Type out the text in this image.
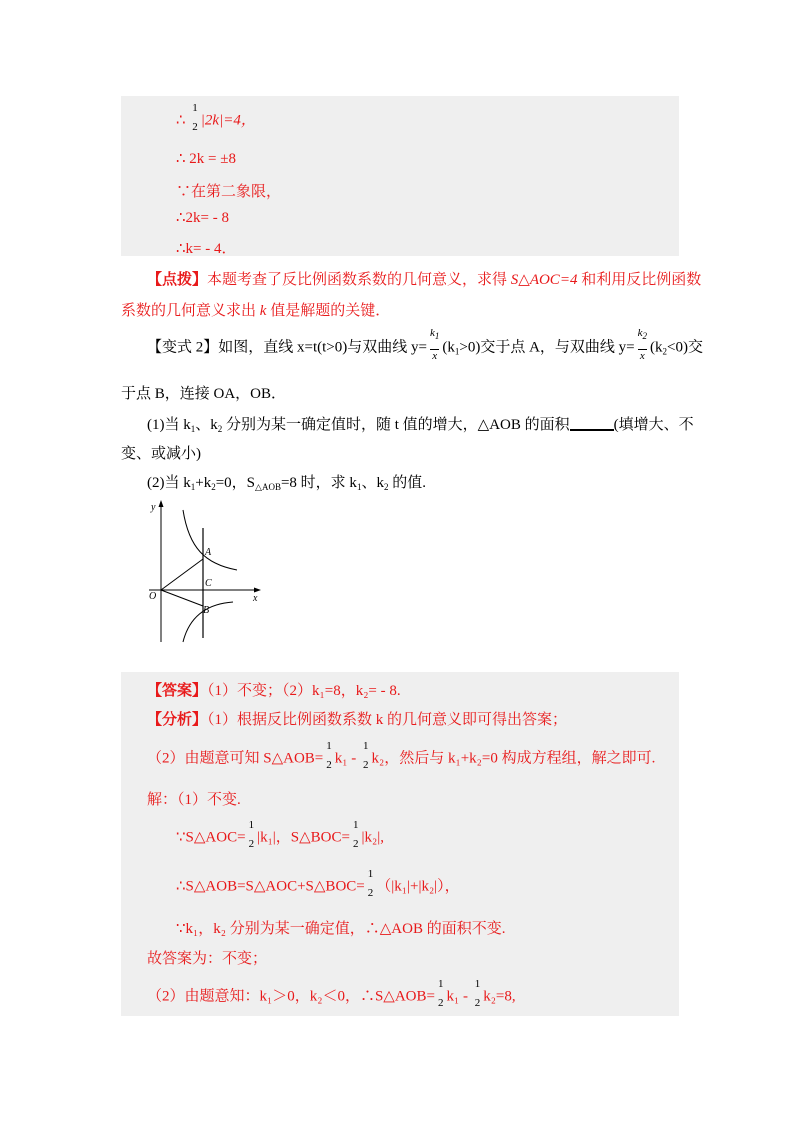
∴
1
2 |2k|=4，
∴ 2k = ±8
∵在第二象限，
∴2k= - 8
∴k= - 4．
【点拨】本题考查了反比例函数系数的几何意义，求得 S△AOC=4 和利用反比例函数
系数的几何意义求出 k 值是解题的关键．
【变式 2】如图，直线 x=t(t>0)与双曲线 $y= \frac{k_1}{x} (k_1>0)$交于点 A，与双曲线 $y= \frac{k_2}{x} (k_2<0)$交
于点 B，连接 OA，OB．
(1)当 $k_1$、$k_2$ 分别为某一确定值时，随 t 值的增大，△AOB 的面积	(填增大、不
变、或减小)
(2)当 $k_1+k_2=0$，$S_{\triangle AOB}=8$ 时，求 $k_1$、$k_2$ 的值.
y
x
O
A
C
B
【答案】（1）不变；（2）k₁=8，k₂= - 8.
【分析】（1）根据反比例函数系数 k 的几何意义即可得出答案；
（2）由题意可知 S△AOB=
1
2 k₁ -
1
2 k₂，然后与 k₁+k₂=0 构成方程组，解之即可.
解：（1）不变.
∵S△AOC=
1
2 |k₁|，S△BOC=
1
2 |k₂|,
∴S△AOB=S△AOC+S△BOC=
1
2 （|k₁|+|k₂|），
∵k₁，k₂ 分别为某一确定值，∴△AOB 的面积不变.
故答案为：不变；
（2）由题意知：k₁＞0，k₂＜0，∴S△AOB=
1
2 k₁ -
1
2 k₂=8,
